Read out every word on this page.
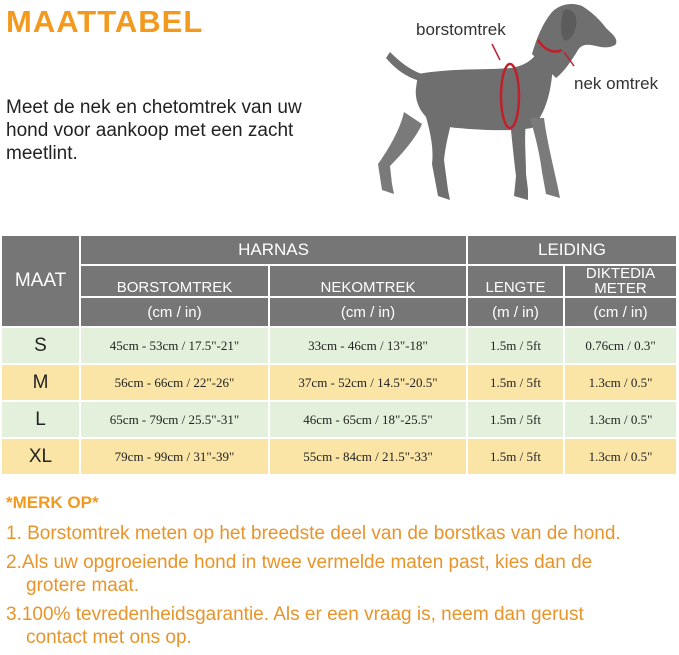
MAATTABEL

Meet de nek en chetomtrek van uw hond voor aankoop met een zacht meetlint.

borstomtrek
nek omtrek
MAAT	HARNAS		LEIDING	
	BORSTOMTREK	NEKOMTREK	LENGTE	DIKTEDIA
METER
	(cm / in)	(cm / in)	(m / in)	(cm / in)
S	45cm - 53cm / 17.5"-21"	33cm - 46cm / 13"-18"	1.5m / 5ft	0.76cm / 0.3"
M	56cm - 66cm / 22"-26"	37cm - 52cm / 14.5"-20.5"	1.5m / 5ft	1.3cm / 0.5"
L	65cm - 79cm / 25.5"-31"	46cm - 65cm / 18"-25.5"	1.5m / 5ft	1.3cm / 0.5"
XL	79cm - 99cm / 31"-39"	55cm - 84cm / 21.5"-33"	1.5m / 5ft	1.3cm / 0.5"
*MERK OP*
1. Borstomtrek meten op het breedste deel van de borstkas van de hond.
2.Als uw opgroeiende hond in twee vermelde maten past, kies dan de
grotere maat.
3.100% tevredenheidsgarantie. Als er een vraag is, neem dan gerust
contact met ons op.
